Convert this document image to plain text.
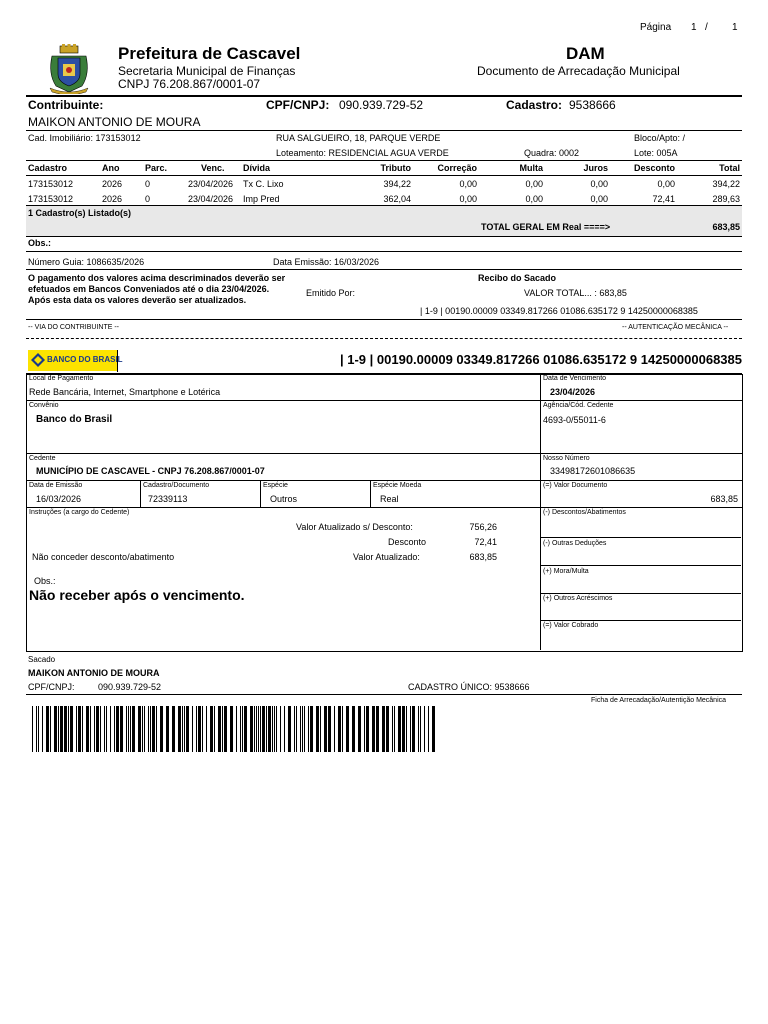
Página 1 / 1
Prefeitura de Cascavel
Secretaria Municipal de Finanças
CNPJ 76.208.867/0001-07
DAM
Documento de Arrecadação Municipal
Contribuinte:	CPF/CNPJ: 090.939.729-52	Cadastro: 9538666
MAIKON ANTONIO DE MOURA
Cad. Imobiliário: 173153012	RUA SALGUEIRO, 18, PARQUE VERDE	Bloco/Apto: /
Loteamento: RESIDENCIAL AGUA VERDE	Quadra: 0002	Lote: 005A
Cadastro	Ano	Parc.	Venc. Dívida	Tributo	Correção	Multa	Juros	Desconto	Total
173153012	2026	0	23/04/2026 Tx C. Lixo	394,22	0,00	0,00	0,00	0,00	394,22
173153012	2026	0	23/04/2026 Imp Pred	362,04	0,00	0,00	0,00	72,41	289,63
1 Cadastro(s) Listado(s)
TOTAL GERAL EM Real ====>	683,85
Obs.:
Número Guia: 1086635/2026	Data Emissão: 16/03/2026
O pagamento dos valores acima descriminados deverão ser efetuados em Bancos Conveniados até o dia 23/04/2026. Após esta data os valores deverão ser atualizados.
Recibo do Sacado
Emitido Por:	VALOR TOTAL... : 683,85
| 1-9 | 00190.00009 03349.817266 01086.635172 9 14250000068385
-- VIA DO CONTRIBUINTE --	-- AUTENTICAÇÃO MECÂNICA --
BANCO DO BRASIL	| 1-9 | 00190.00009 03349.817266 01086.635172 9 14250000068385
Local de Pagamento
Rede Bancária, Internet, Smartphone e Lotérica
Data de Vencimento
23/04/2026
Convênio
Banco do Brasil
Agência/Cód. Cedente
4693-0/55011-6
Cedente
MUNICÍPIO DE CASCAVEL - CNPJ 76.208.867/0001-07
Nosso Número
33498172601086635
Data de Emissão
16/03/2026
Cadastro/Documento
72339113
Espécie
Outros
Espécie Moeda
Real
(=) Valor Documento
683,85
Instruções (a cargo do Cedente)
Valor Atualizado s/ Desconto:	756,26
Desconto	72,41
Não conceder desconto/abatimento	Valor Atualizado:	683,85
Obs.:
Não receber após o vencimento.
(-) Descontos/Abatimentos
(-) Outras Deduções
(+) Mora/Multa
(+) Outros Acréscimos
(=) Valor Cobrado
Sacado
MAIKON ANTONIO DE MOURA
CPF/CNPJ:	090.939.729-52	CADASTRO ÚNICO: 9538666
Ficha de Arrecadação/Autentição Mecânica
